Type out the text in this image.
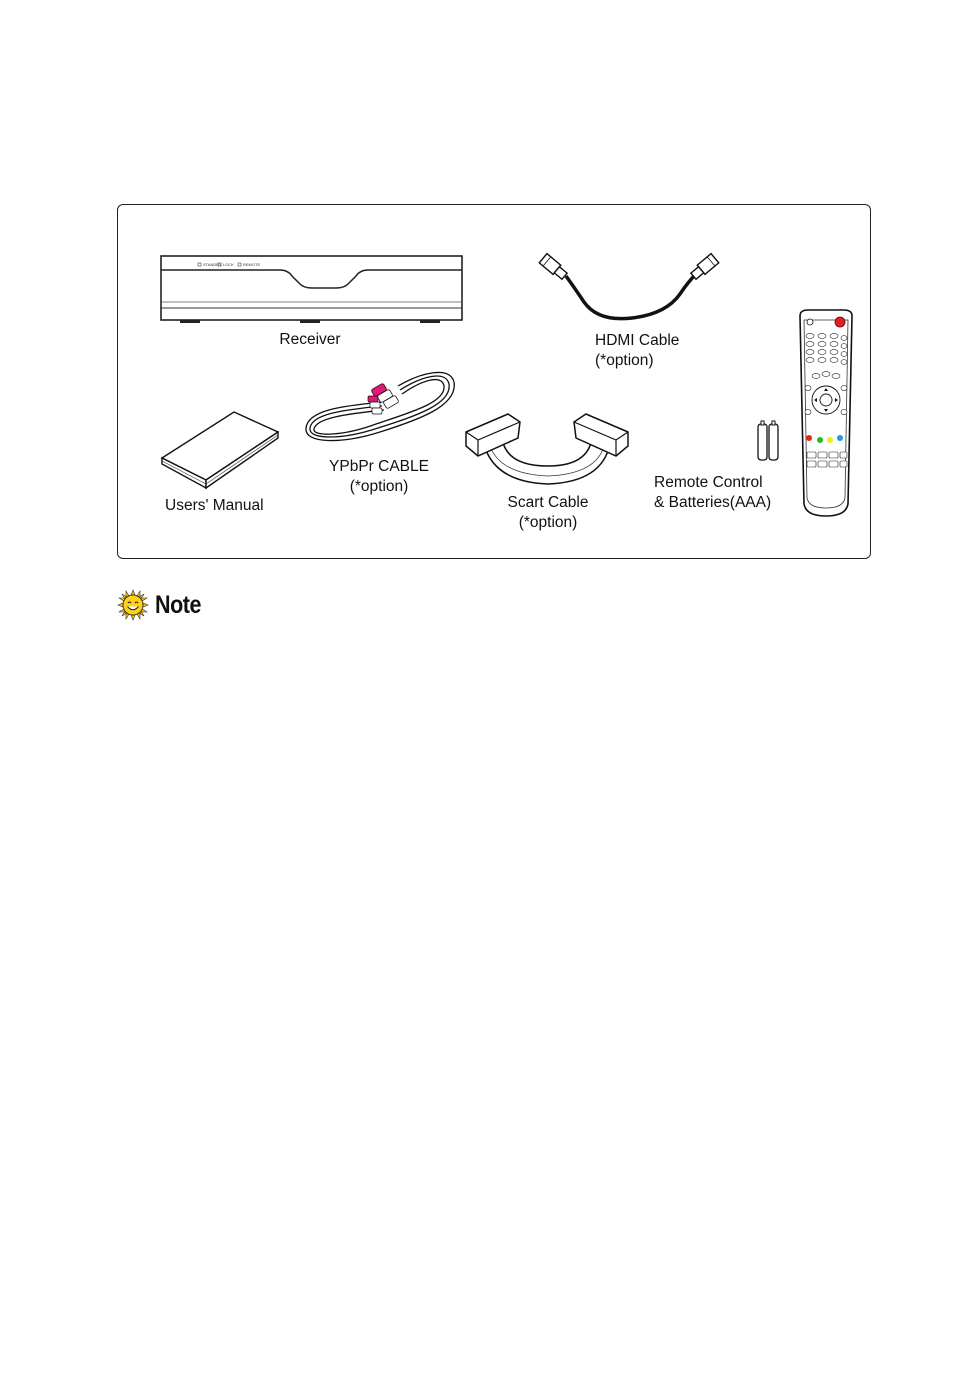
STANDBY LOCK REMOTE
Receiver	HDMI Cable
(*option)
Remote Control
& Batteries(AAA)
Users' Manual
YPbPr CABLE
(*option)
Scart Cable
(*option)
Note
